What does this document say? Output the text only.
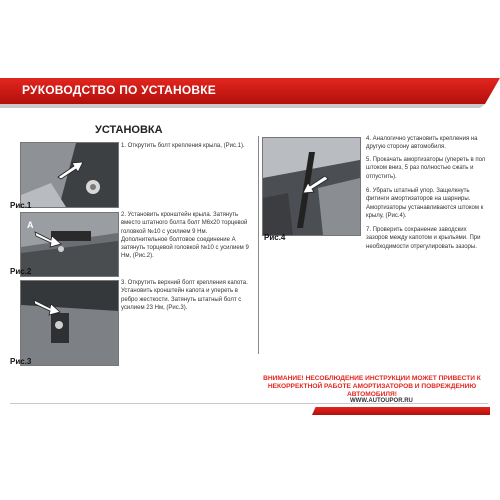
РУКОВОДСТВО ПО УСТАНОВКЕ
УСТАНОВКА
Рис.1
А
Рис.2
Рис.3
1. Открутить болт крепления крыла, (Рис.1).
2. Установить кронштейн крыла. Затянуть вместо штатного болта болт М6х20 торцевой головкой №10 с усилием 9 Нм. Дополнительное болтовое соединение А затянуть торцевой головкой №10 с усилием 9 Нм, (Рис.2).
3. Открутить верхний болт крепления капота. Установить кронштейн капота и упереть в ребро жесткости. Затянуть штатный болт с усилием 23 Нм, (Рис.3).
Рис.4
4. Аналогично установить крепления на другую сторону автомобиля.
5. Прокачать амортизаторы (упереть в пол штоком вниз, 5 раз полностью сжать и отпустить).
6. Убрать штатный упор. Защелкнуть фитинги амортизаторов на шарниры. Амортизаторы устанавливаются штоком к крылу, (Рис.4).
7. Проверить сохранение заводских зазоров между капотом и крыльями. При необходимости отрегулировать зазоры.
ВНИМАНИЕ! НЕСОБЛЮДЕНИЕ ИНСТРУКЦИИ МОЖЕТ ПРИВЕСТИ К НЕКОРРЕКТНОЙ РАБОТЕ АМОРТИЗАТОРОВ И ПОВРЕЖДЕНИЮ АВТОМОБИЛЯ!
WWW.AUTOUPOR.RU
